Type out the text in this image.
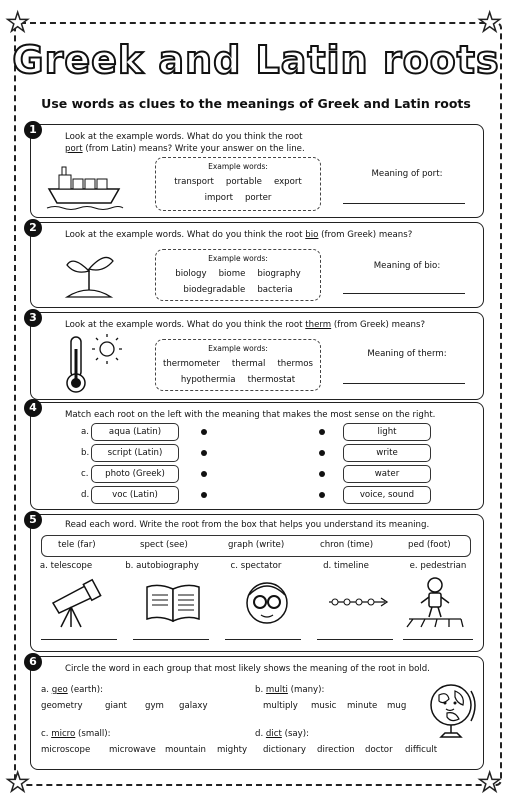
★	★
★	★
Greek and Latin roots
Use words as clues to the meanings of Greek and Latin roots
1
Look at the example words. What do you think the root
port (from Latin) means? Write your answer on the line.
Example words:
transport portable export
import porter
Meaning of port:
2
Look at the example words. What do you think the root bio (from Greek) means?
Example words:
biology biome biography
biodegradable bacteria
Meaning of bio:
3
Look at the example words. What do you think the root therm (from Greek) means?
Example words:
thermometer thermal thermos
hypothermia thermostat
Meaning of therm:
4
Match each root on the left with the meaning that makes the most sense on the right.
a.	aqua (Latin)	light
b.	script (Latin)	write
c.	photo (Greek)	water
d.	voc (Latin)	voice, sound
5	Read each word. Write the root from the box that helps you understand its meaning.
tele (far)	spect (see)	graph (write)	chron (time)	ped (foot)
a. telescope	b. autobiography	c. spectator	d. timeline	e. pedestrian
6
Circle the word in each group that most likely shows the meaning of the root in bold.
a. geo (earth):
geometry	giant gym galaxy
b. multi (many):
multiply music minute mug
c. micro (small):
microscope microwave mountain mighty
d. dict (say):
dictionary direction doctor difficult
